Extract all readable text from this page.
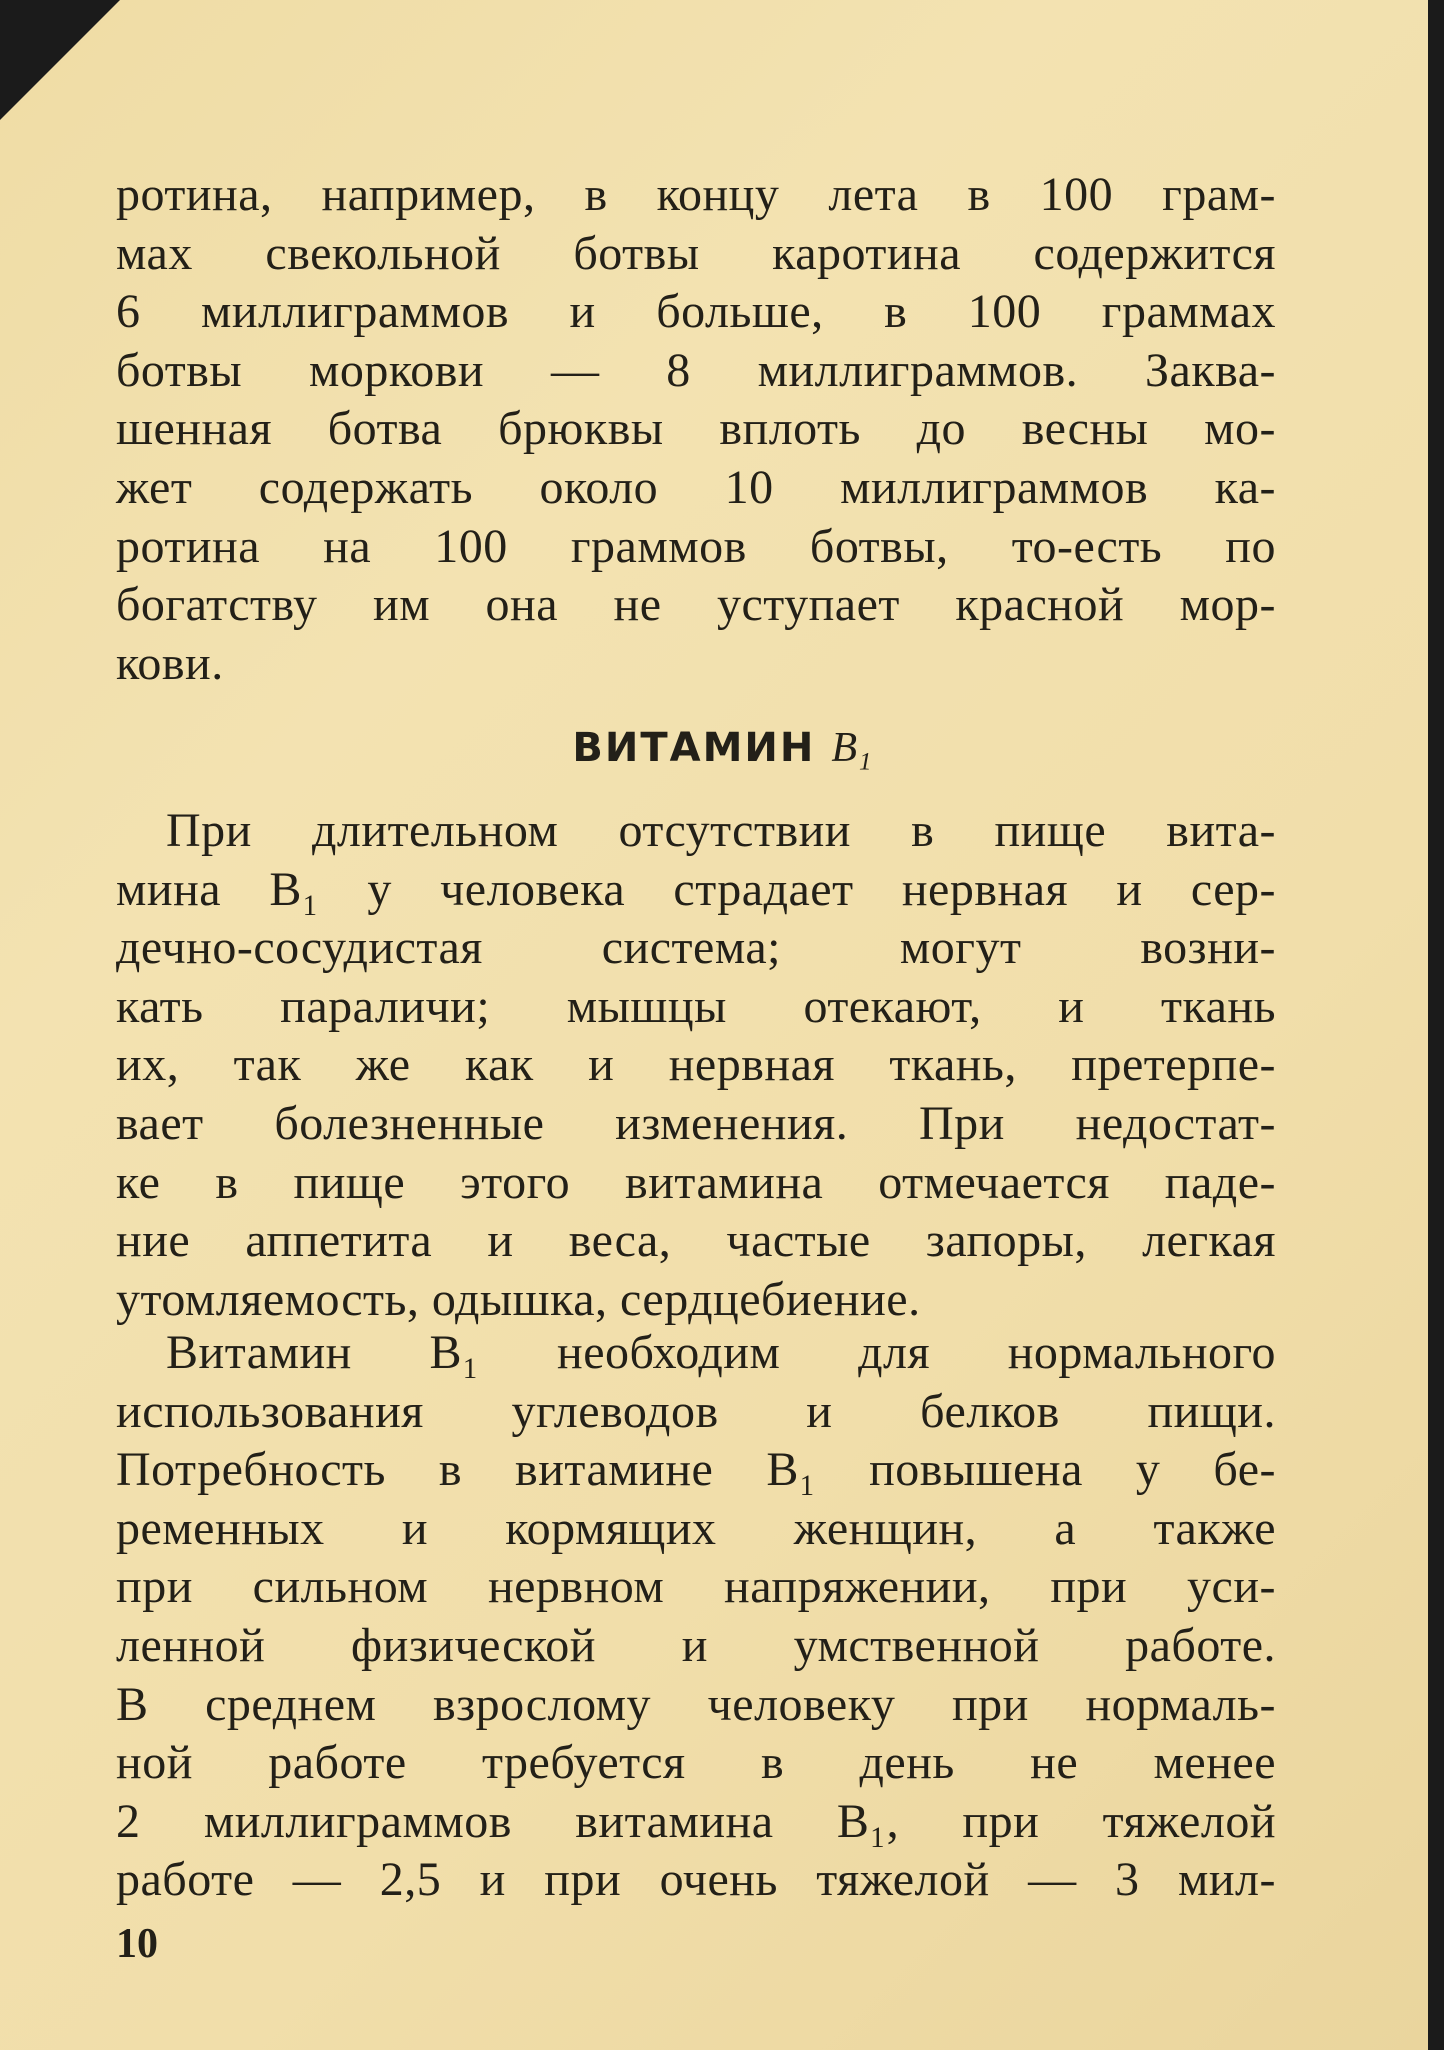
ротина, например, в концу лета в 100 грам-
мах свекольной ботвы каротина содержится
6 миллиграммов и больше, в 100 граммах
ботвы моркови — 8 миллиграммов. Заква-
шенная ботва брюквы вплоть до весны мо-
жет содержать около 10 миллиграммов ка-
ротина на 100 граммов ботвы, то-есть по
богатству им она не уступает красной мор-
кови.
ВИТАМИН B₁
При длительном отсутствии в пище вита-
мина B₁ у человека страдает нервная и сер-
дечно-сосудистая система; могут возни-
кать параличи; мышцы отекают, и ткань
их, так же как и нервная ткань, претерпе-
вает болезненные изменения. При недостат-
ке в пище этого витамина отмечается паде-
ние аппетита и веса, частые запоры, легкая
утомляемость, одышка, сердцебиение.
Витамин B₁ необходим для нормального
использования углеводов и белков пищи.
Потребность в витамине B₁ повышена у бе-
ременных и кормящих женщин, а также
при сильном нервном напряжении, при уси-
ленной физической и умственной работе.
В среднем взрослому человеку при нормаль-
ной работе требуется в день не менее
2 миллиграммов витамина B₁, при тяжелой
работе — 2,5 и при очень тяжелой — 3 мил-
10
